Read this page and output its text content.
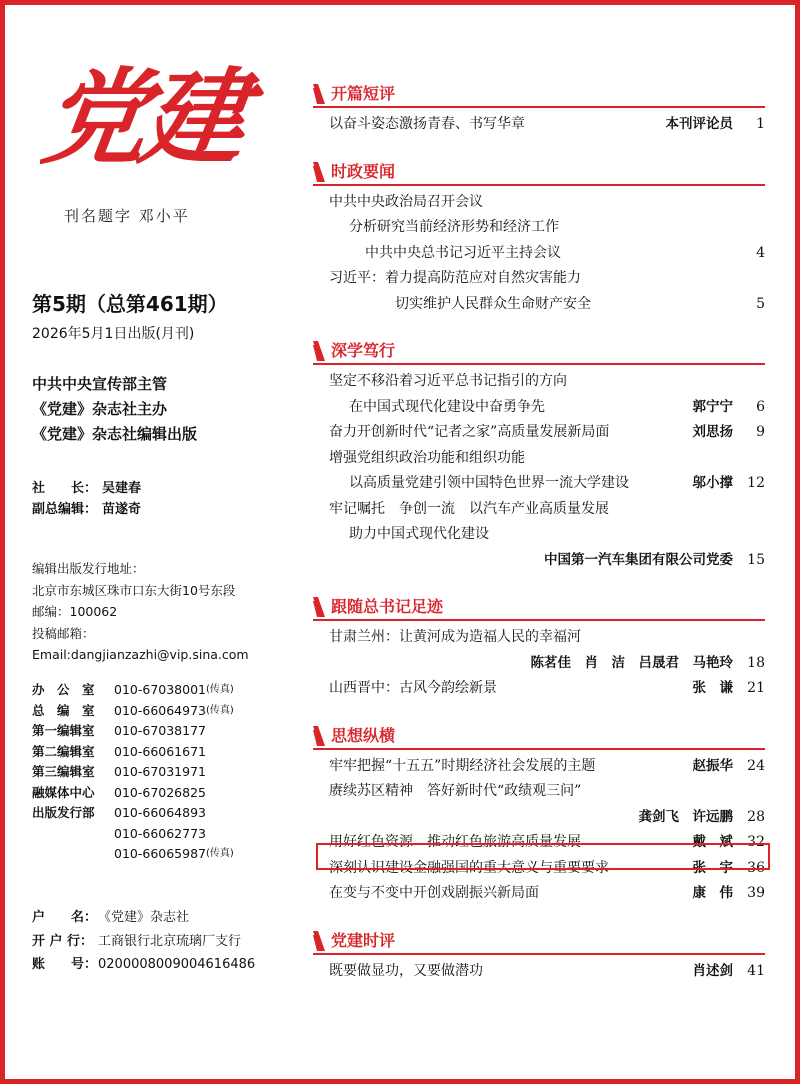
党建
刊名题字 邓小平
第5期（总第461期）
2026年5月1日出版(月刊)
中共中央宣传部主管
《党建》杂志社主办
《党建》杂志社编辑出版
社　　长： 吴建春
副总编辑： 苗遂奇
编辑出版发行地址：
北京市东城区珠市口东大街10号东段
邮编：100062
投稿邮箱：
Email:dangjianzazhi@vip.sina.com
办　公　室	010-67038001 (传真)
总　编　室	010-66064973 (传真)
第一编辑室	010-67038177
第二编辑室	010-66061671
第三编辑室	010-67031971
融媒体中心	010-67026825
出版发行部	010-66064893
010-66062773
010-66065987 (传真)
户　　名： 《党建》杂志社
开 户 行： 工商银行北京琉璃厂支行
账　　号： 0200008009004616486
开篇短评
以奋斗姿态激扬青春、书写华章	本刊评论员	1
时政要闻
中共中央政治局召开会议
分析研究当前经济形势和经济工作
中共中央总书记习近平主持会议	4
习近平：着力提高防范应对自然灾害能力
切实维护人民群众生命财产安全	5
深学笃行
坚定不移沿着习近平总书记指引的方向
在中国式现代化建设中奋勇争先	郭宁宁	6
奋力开创新时代“记者之家”高质量发展新局面	刘思扬	9
增强党组织政治功能和组织功能
以高质量党建引领中国特色世界一流大学建设	邬小撑 12
牢记嘱托　争创一流　以汽车产业高质量发展
助力中国式现代化建设
中国第一汽车集团有限公司党委 15
跟随总书记足迹
甘肃兰州：让黄河成为造福人民的幸福河
陈茗佳　肖　洁　吕晟君　马艳玲 18
山西晋中：古风今韵绘新景	张　谦 21
思想纵横
牢牢把握“十五五”时期经济社会发展的主题	赵振华 24
赓续苏区精神　答好新时代“政绩观三问”
龚剑飞　许远鹏 28
用好红色资源　推动红色旅游高质量发展	戴　斌 32
深刻认识建设金融强国的重大意义与重要要求	张　宇 36
在变与不变中开创戏剧振兴新局面	康　伟 39
党建时评
既要做显功，又要做潜功	肖述剑 41
